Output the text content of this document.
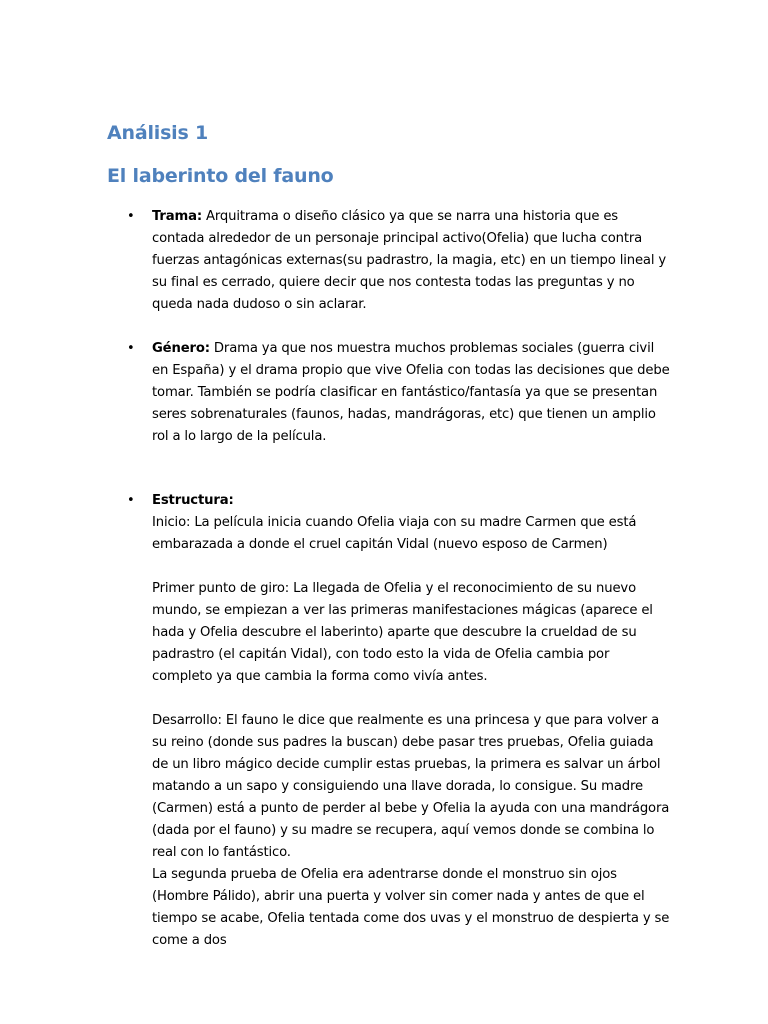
Análisis 1
El laberinto del fauno
• Trama: Arquitrama o diseño clásico ya que se narra una historia que es contada alrededor de un personaje principal activo(Ofelia) que lucha contra fuerzas antagónicas externas(su padrastro, la magia, etc) en un tiempo lineal y su final es cerrado, quiere decir que nos contesta todas las preguntas y no queda nada dudoso o sin aclarar.
• Género: Drama ya que nos muestra muchos problemas sociales (guerra civil en España) y el drama propio que vive Ofelia con todas las decisiones que debe tomar. También se podría clasificar en fantástico/fantasía ya que se presentan seres sobrenaturales (faunos, hadas, mandrágoras, etc) que tienen un amplio rol a lo largo de la película.
• Estructura:
Inicio: La película inicia cuando Ofelia viaja con su madre Carmen que está embarazada a donde el cruel capitán Vidal (nuevo esposo de Carmen)
Primer punto de giro: La llegada de Ofelia y el reconocimiento de su nuevo mundo, se empiezan a ver las primeras manifestaciones mágicas (aparece el hada y Ofelia descubre el laberinto) aparte que descubre la crueldad de su padrastro (el capitán Vidal), con todo esto la vida de Ofelia cambia por completo ya que cambia la forma como vivía antes.
Desarrollo: El fauno le dice que realmente es una princesa y que para volver a su reino (donde sus padres la buscan) debe pasar tres pruebas, Ofelia guiada de un libro mágico decide cumplir estas pruebas, la primera es salvar un árbol matando a un sapo y consiguiendo una llave dorada, lo consigue. Su madre (Carmen) está a punto de perder al bebe y Ofelia la ayuda con una mandrágora (dada por el fauno) y su madre se recupera, aquí vemos donde se combina lo real con lo fantástico.
La segunda prueba de Ofelia era adentrarse donde el monstruo sin ojos (Hombre Pálido), abrir una puerta y volver sin comer nada y antes de que el tiempo se acabe, Ofelia tentada come dos uvas y el monstruo de despierta y se come a dos
